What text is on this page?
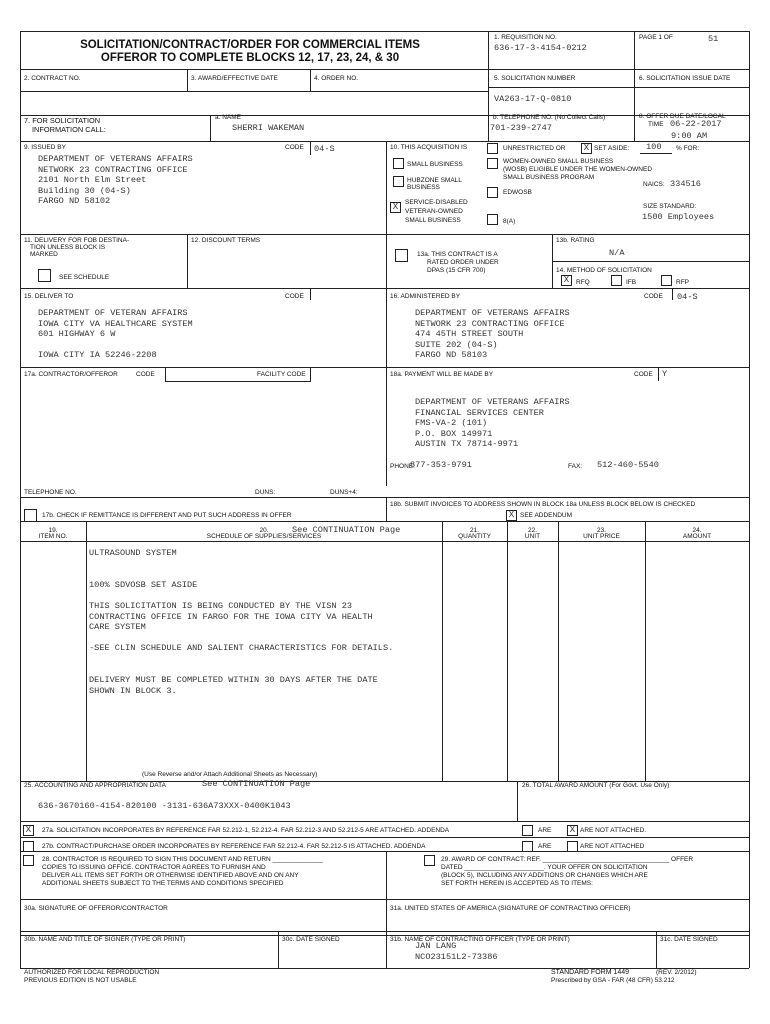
SOLICITATION/CONTRACT/ORDER FOR COMMERCIAL ITEMS
OFFEROR TO COMPLETE BLOCKS 12, 17, 23, 24, & 30
1. REQUISITION NO.
636-17-3-4154-0212
PAGE 1 OF	51
2. CONTRACT NO.	3. AWARD/EFFECTIVE DATE	4. ORDER NO.	5. SOLICITATION NUMBER
VA263-17-Q-0810
6. SOLICITATION ISSUE DATE
7. FOR SOLICITATION
INFORMATION CALL:
a. NAME
SHERRI WAKEMAN
b. TELEPHONE NO. (No Collect Calls)
701-239-2747
8. OFFER DUE DATE/LOCAL
TIME 06-22-2017
9:00 AM
9. ISSUED BY	CODE 04-S
DEPARTMENT OF VETERANS AFFAIRS
NETWORK 23 CONTRACTING OFFICE
2101 North Elm Street
Building 30 (04-S)
FARGO ND 58102
10. THIS ACQUISITION IS	UNRESTRICTED OR	X SET ASIDE: 100 % FOR:
SMALL BUSINESS	WOMEN-OWNED SMALL BUSINESS
(WOSB) ELIGIBLE UNDER THE WOMEN-OWNED
SMALL BUSINESS PROGRAM
HUBZONE SMALL
BUSINESS	NAICS: 334516
EDWOSB
X	SERVICE-DISABLED
VETERAN-OWNED
SMALL BUSINESS
SIZE STANDARD:
1500 Employees
8(A)
11. DELIVERY FOR FOB DESTINA-
TION UNLESS BLOCK IS
MARKED
SEE SCHEDULE
12. DISCOUNT TERMS
13a. THIS CONTRACT IS A
RATED ORDER UNDER
DPAS (15 CFR 700)
13b. RATING
N/A
14. METHOD OF SOLICITATION
X	RFQ	IFB	RFP
15. DELIVER TO	CODE
DEPARTMENT OF VETERAN AFFAIRS
IOWA CITY VA HEALTHCARE SYSTEM
601 HIGHWAY 6 W

IOWA CITY IA 52246-2208
16. ADMINISTERED BY	CODE 04-S
DEPARTMENT OF VETERANS AFFAIRS
NETWORK 23 CONTRACTING OFFICE
474 45TH STREET SOUTH
SUITE 202 (04-S)
FARGO ND 58103
17a. CONTRACTOR/OFFEROR	CODE	FACILITY CODE	18a. PAYMENT WILL BE MADE BY	CODE Y
DEPARTMENT OF VETERANS AFFAIRS
FINANCIAL SERVICES CENTER
FMS-VA-2 (101)
P.O. BOX 149971
AUSTIN TX 78714-9971
PHONE:
877-353-9791	FAX: 512-460-5540
TELEPHONE NO.	DUNS:	DUNS+4:
18b. SUBMIT INVOICES TO ADDRESS SHOWN IN BLOCK 18a UNLESS BLOCK BELOW IS CHECKED
17b. CHECK IF REMITTANCE IS DIFFERENT AND PUT SUCH ADDRESS IN OFFER	X SEE ADDENDUM
19.
ITEM NO.
20.
SCHEDULE OF SUPPLIES/SERVICES
See CONTINUATION Page	21.
QUANTITY
22.
UNIT
23.
UNIT PRICE
24.
AMOUNT
ULTRASOUND SYSTEM

100% SDVOSB SET ASIDE

THIS SOLICITATION IS BEING CONDUCTED BY THE VISN 23
CONTRACTING OFFICE IN FARGO FOR THE IOWA CITY VA HEALTH
CARE SYSTEM

-SEE CLIN SCHEDULE AND SALIENT CHARACTERISTICS FOR DETAILS.

DELIVERY MUST BE COMPLETED WITHIN 30 DAYS AFTER THE DATE
SHOWN IN BLOCK 3.
(Use Reverse and/or Attach Additional Sheets as Necessary)
25. ACCOUNTING AND APPROPRIATION DATA	See CONTINUATION Page
636-3670160-4154-820100 -3131-636A73XXX-0400K1043
26. TOTAL AWARD AMOUNT (For Govt. Use Only)
X	27a. SOLICITATION INCORPORATES BY REFERENCE FAR 52.212-1, 52.212-4. FAR 52.212-3 AND 52.212-5 ARE ATTACHED. ADDENDA	ARE	X ARE NOT ATTACHED.
27b. CONTRACT/PURCHASE ORDER INCORPORATES BY REFERENCE FAR 52.212-4. FAR 52.212-5 IS ATTACHED. ADDENDA	ARE	ARE NOT ATTACHED
28. CONTRACTOR IS REQUIRED TO SIGN THIS DOCUMENT AND RETURN ______________
COPIES TO ISSUING OFFICE. CONTRACTOR AGREES TO FURNISH AND
DELIVER ALL ITEMS SET FORTH OR OTHERWISE IDENTIFIED ABOVE AND ON ANY
ADDITIONAL SHEETS SUBJECT TO THE TERMS AND CONDITIONS SPECIFIED
29. AWARD OF CONTRACT: REF. ___________________________________ OFFER
DATED ______________________. YOUR OFFER ON SOLICITATION
(BLOCK 5), INCLUDING ANY ADDITIONS OR CHANGES WHICH ARE
SET FORTH HEREIN IS ACCEPTED AS TO ITEMS:
30a. SIGNATURE OF OFFEROR/CONTRACTOR	31a. UNITED STATES OF AMERICA (SIGNATURE OF CONTRACTING OFFICER)
30b. NAME AND TITLE OF SIGNER (TYPE OR PRINT)	30c. DATE SIGNED	31b. NAME OF CONTRACTING OFFICER (TYPE OR PRINT)
JAN LANG
NCO23151L2-73386
31c. DATE SIGNED
AUTHORIZED FOR LOCAL REPRODUCTION
PREVIOUS EDITION IS NOT USABLE
STANDARD FORM 1449	(REV. 2/2012)
Prescribed by GSA - FAR (48 CFR) 53.212
